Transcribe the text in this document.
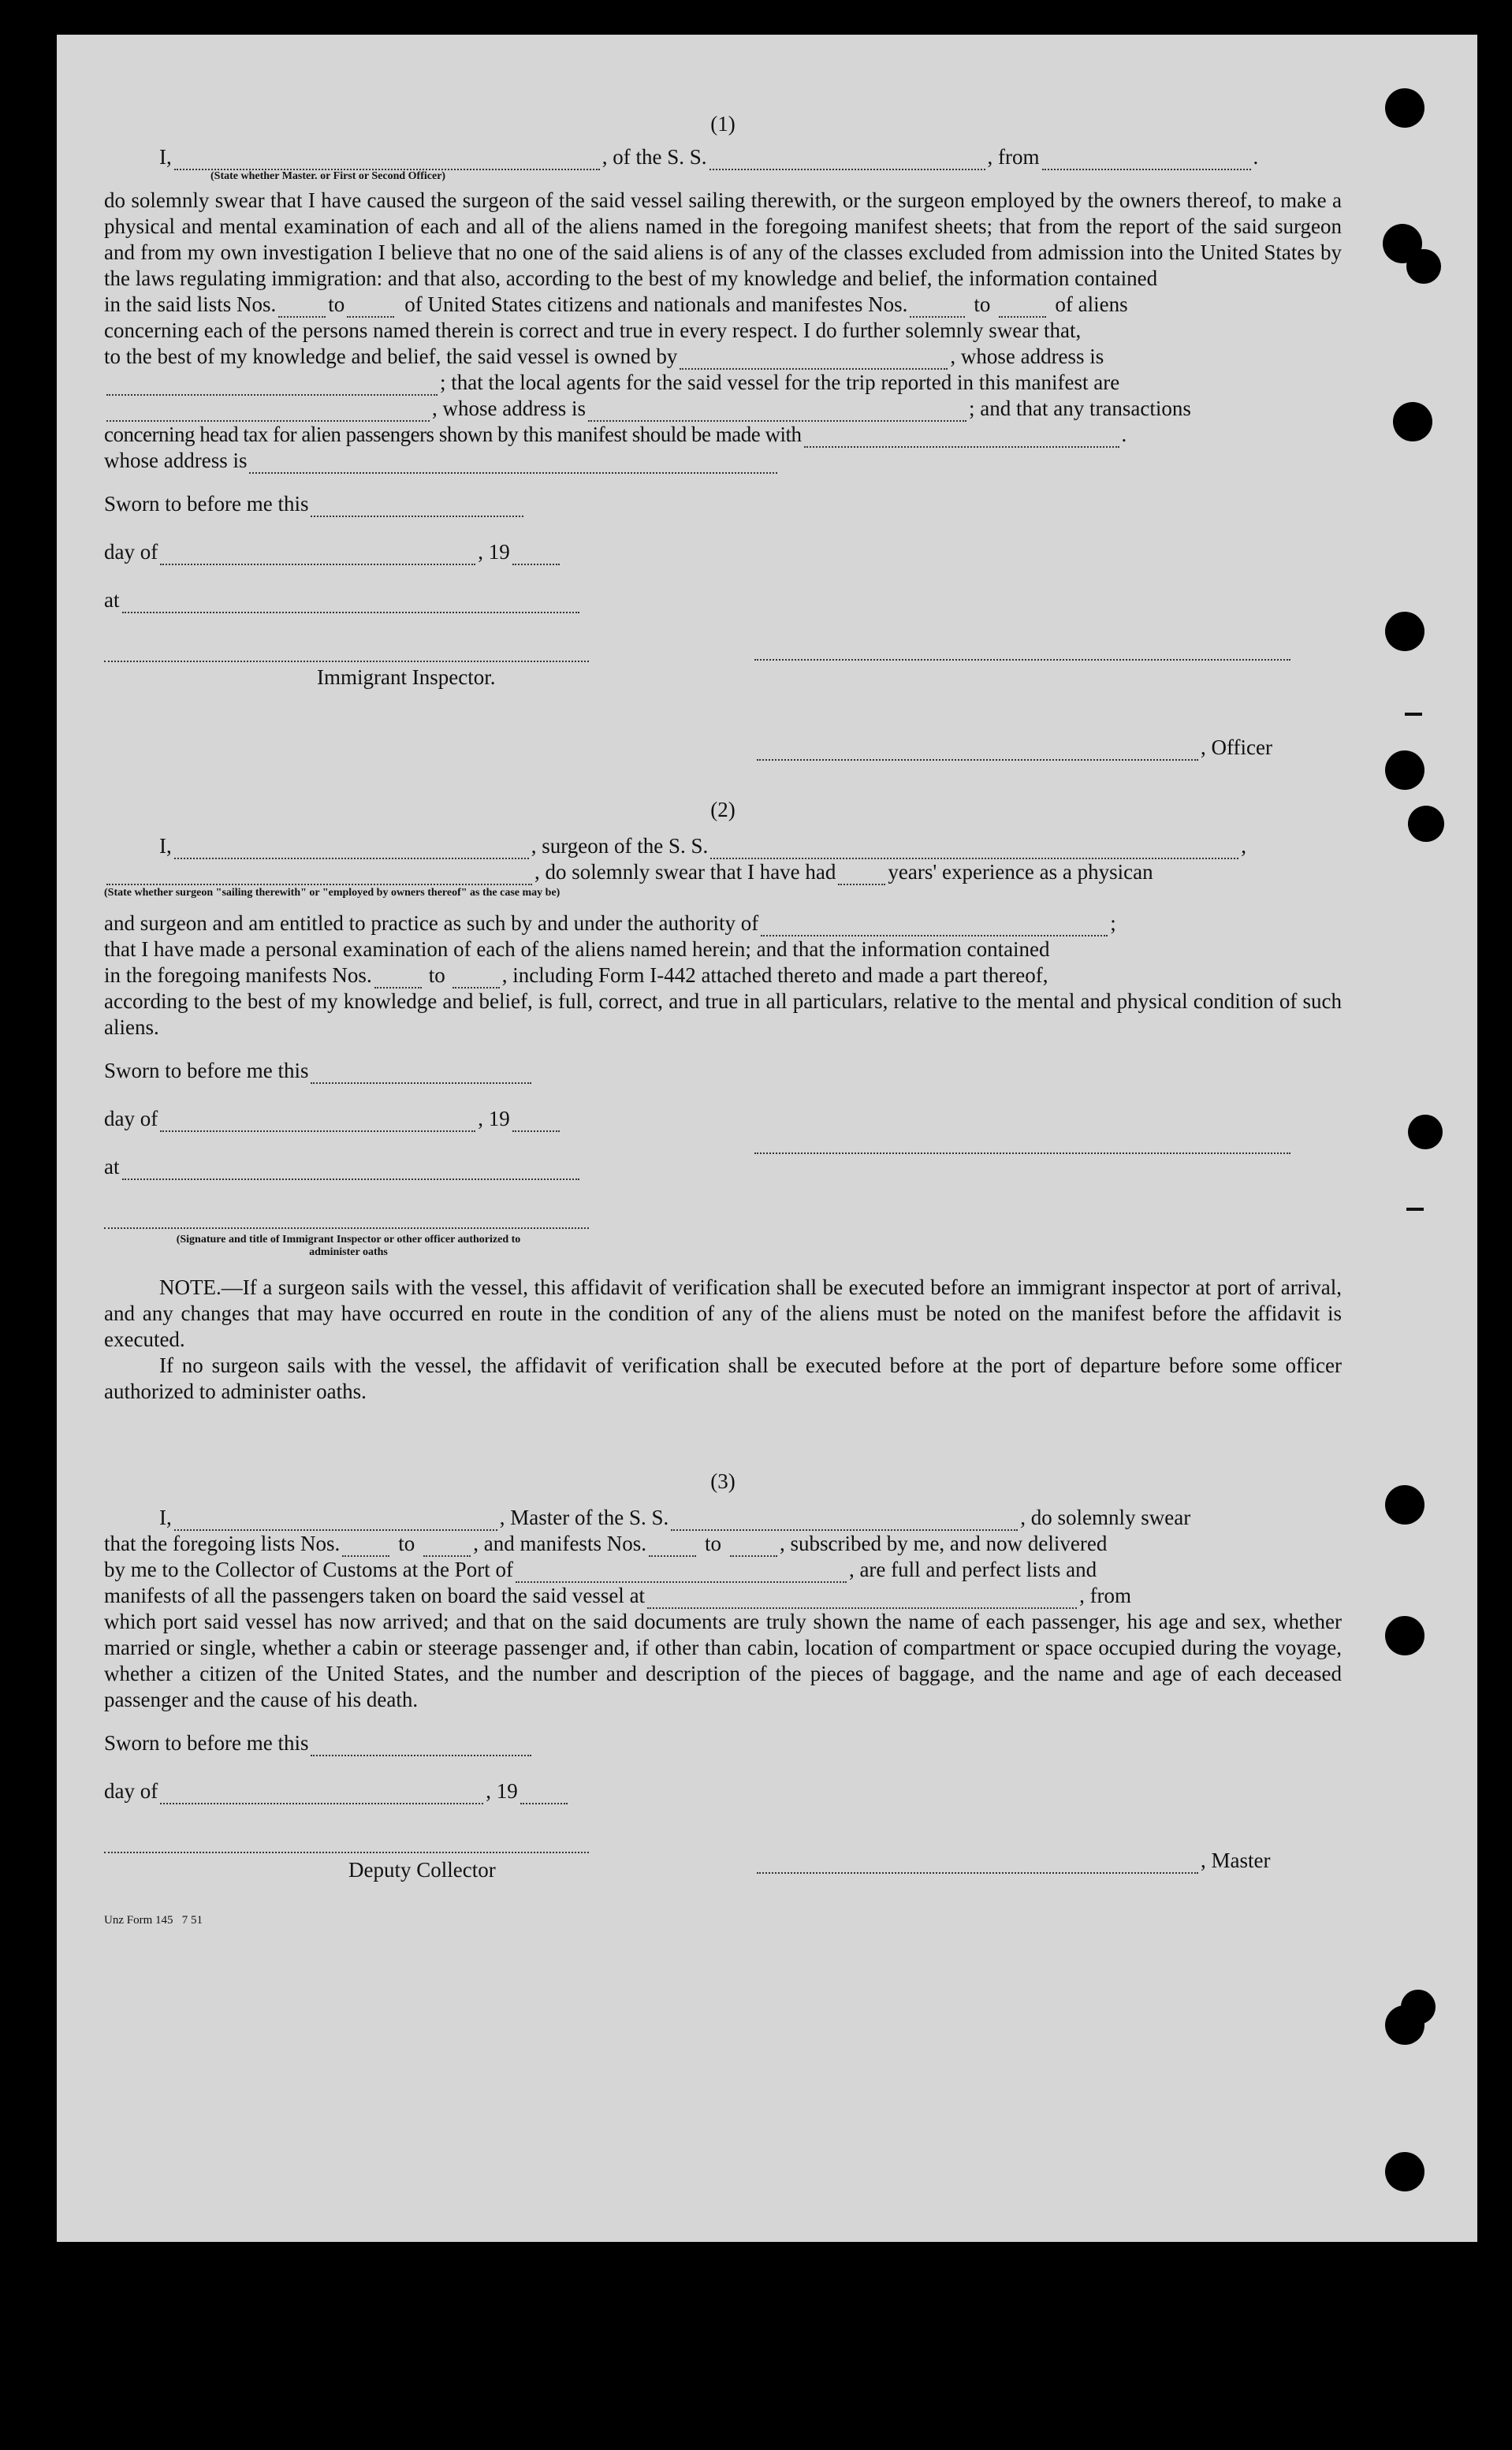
(1)
I,	, of the S. S.	, from	.
(State whether Master. or First or Second Officer)
do solemnly swear that I have caused the surgeon of the said vessel sailing therewith, or the surgeon employed by the owners thereof, to make a physical and mental examination of each and all of the aliens named in the foregoing manifest sheets; that from the report of the said surgeon and from my own investigation I believe that no one of the said aliens is of any of the classes excluded from admission into the United States by the laws regulating immigration: and that also, according to the best of my knowledge and belief, the information contained
in the said lists Nos. to	of United States citizens and nationals and manifestes Nos.	to	of aliens
concerning each of the persons named therein is correct and true in every respect. I do further solemnly swear that,
to the best of my knowledge and belief, the said vessel is owned by	, whose address is
; that the local agents for the said vessel for the trip reported in this manifest are
, whose address is	; and that any transactions
concerning head tax for alien passengers shown by this manifest should be made with	.
whose address is
Sworn to before me this
day of	, 19
at
, Officer
Immigrant Inspector.
(2)
I,	, surgeon of the S. S.	,
, do solemnly swear that I have had years' experience as a physican
(State whether surgeon "sailing therewith" or "employed by owners thereof" as the case may be)
and surgeon and am entitled to practice as such by and under the authority of	;
that I have made a personal examination of each of the aliens named herein; and that the information contained
in the foregoing manifests Nos.	to	, including Form I-442 attached thereto and made a part thereof,
according to the best of my knowledge and belief, is full, correct, and true in all particulars, relative to the mental and physical condition of such aliens.
Sworn to before me this
day of	, 19
at
(Signature and title of Immigrant Inspector or other officer authorized to administer oaths
NOTE.—If a surgeon sails with the vessel, this affidavit of verification shall be executed before an immigrant inspector at port of arrival, and any changes that may have occurred en route in the condition of any of the aliens must be noted on the manifest before the affidavit is executed.
If no surgeon sails with the vessel, the affidavit of verification shall be executed before at the port of departure before some officer authorized to administer oaths.
(3)
I,	, Master of the S. S.	, do solemnly swear
that the foregoing lists Nos.	to	, and manifests Nos.	to	, subscribed by me, and now delivered
by me to the Collector of Customs at the Port of	, are full and perfect lists and
manifests of all the passengers taken on board the said vessel at	, from
which port said vessel has now arrived; and that on the said documents are truly shown the name of each passenger, his age and sex, whether married or single, whether a cabin or steerage passenger and, if other than cabin, location of compartment or space occupied during the voyage, whether a citizen of the United States, and the number and description of the pieces of baggage, and the name and age of each deceased passenger and the cause of his death.
Sworn to before me this
day of	, 19
, Master
Deputy Collector
Unz Form 145   7 51
